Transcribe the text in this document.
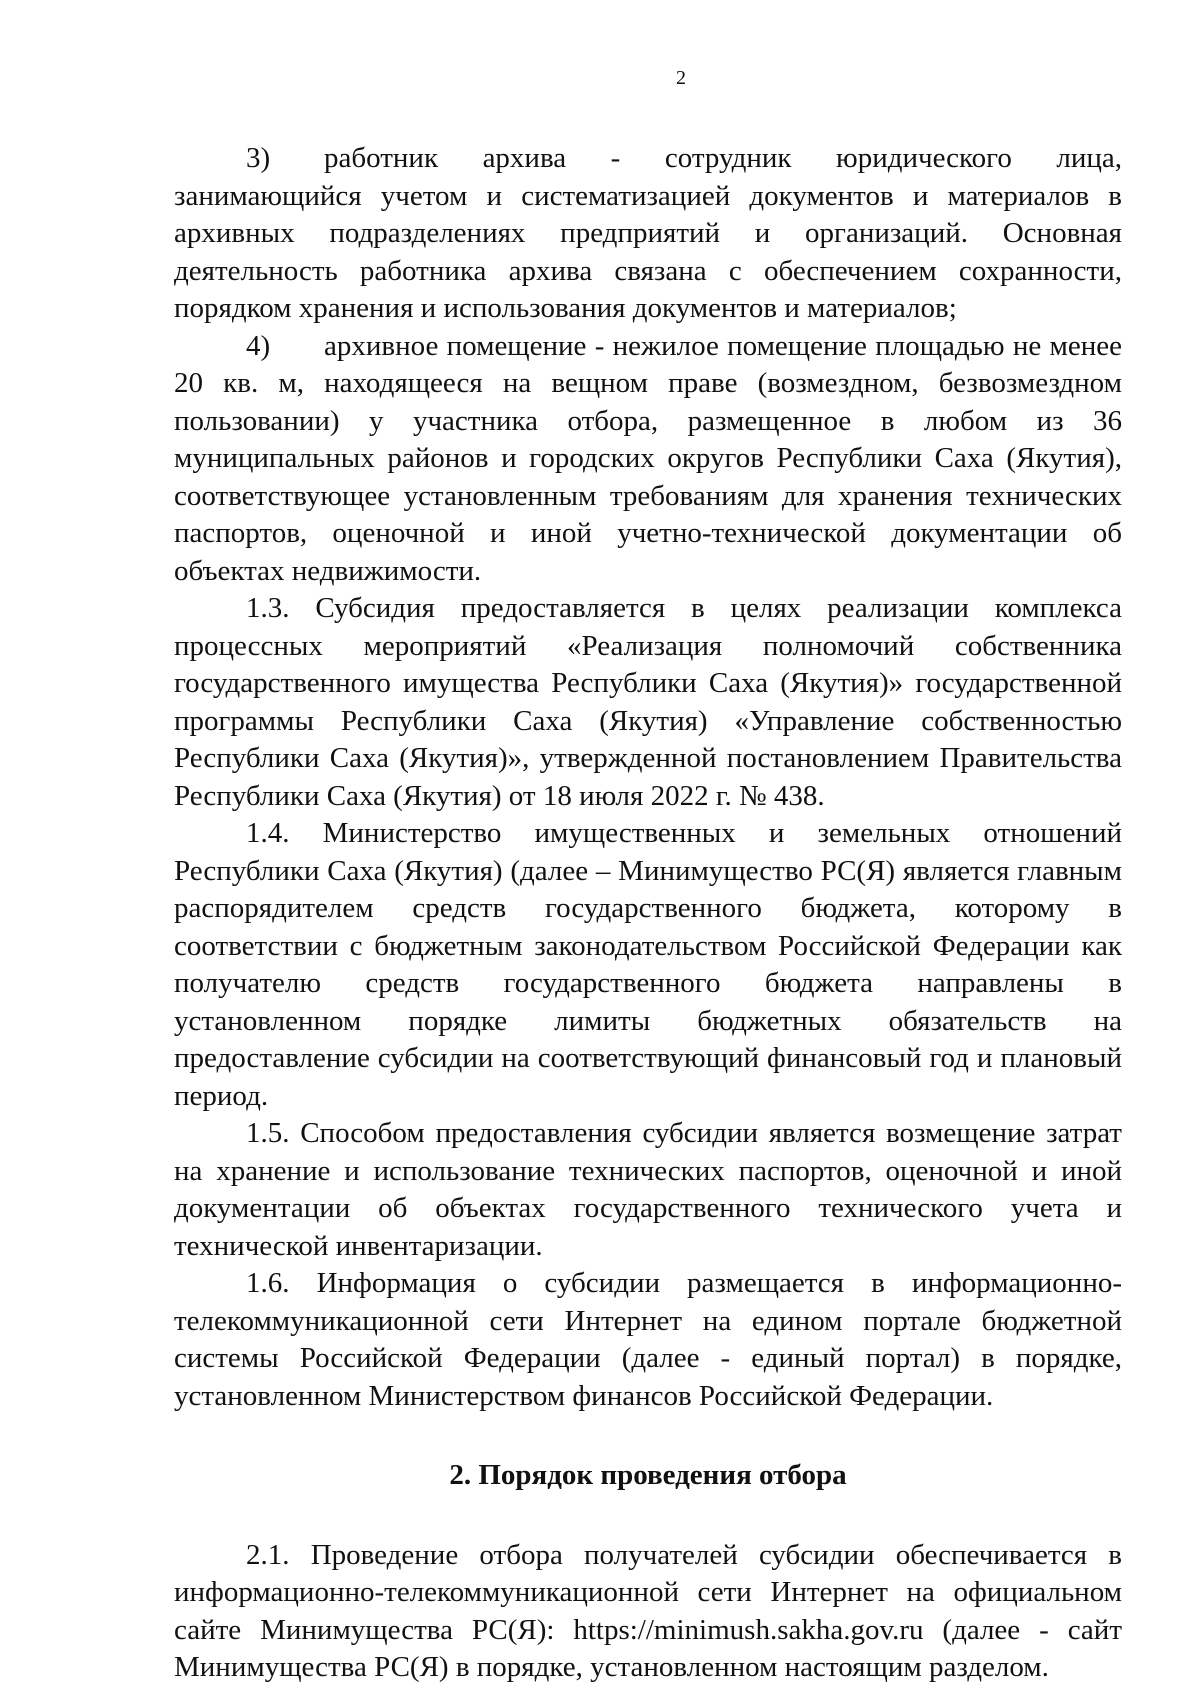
2

3) работник архива - сотрудник юридического лица, занимающийся учетом и систематизацией документов и материалов в архивных подразделениях предприятий и организаций. Основная деятельность работника архива связана с обеспечением сохранности, порядком хранения и использования документов и материалов;

4) архивное помещение - нежилое помещение площадью не менее 20 кв. м, находящееся на вещном праве (возмездном, безвозмездном пользовании) у участника отбора, размещенное в любом из 36 муниципальных районов и городских округов Республики Саха (Якутия), соответствующее установленным требованиям для хранения технических паспортов, оценочной и иной учетно-технической документации об объектах недвижимости.

1.3. Субсидия предоставляется в целях реализации комплекса процессных мероприятий «Реализация полномочий собственника государственного имущества Республики Саха (Якутия)» государственной программы Республики Саха (Якутия) «Управление собственностью Республики Саха (Якутия)», утвержденной постановлением Правительства Республики Саха (Якутия) от 18 июля 2022 г. № 438.

1.4. Министерство имущественных и земельных отношений Республики Саха (Якутия) (далее – Минимущество РС(Я) является главным распорядителем средств государственного бюджета, которому в соответствии с бюджетным законодательством Российской Федерации как получателю средств государственного бюджета направлены в установленном порядке лимиты бюджетных обязательств на предоставление субсидии на соответствующий финансовый год и плановый период.

1.5. Способом предоставления субсидии является возмещение затрат на хранение и использование технических паспортов, оценочной и иной документации об объектах государственного технического учета и технической инвентаризации.

1.6. Информация о субсидии размещается в информационно-телекоммуникационной сети Интернет на едином портале бюджетной системы Российской Федерации (далее - единый портал) в порядке, установленном Министерством финансов Российской Федерации.

2. Порядок проведения отбора

2.1. Проведение отбора получателей субсидии обеспечивается в информационно-телекоммуникационной сети Интернет на официальном сайте Минимущества РС(Я): https://minimush.sakha.gov.ru (далее - сайт Минимущества РС(Я) в порядке, установленном настоящим разделом.
